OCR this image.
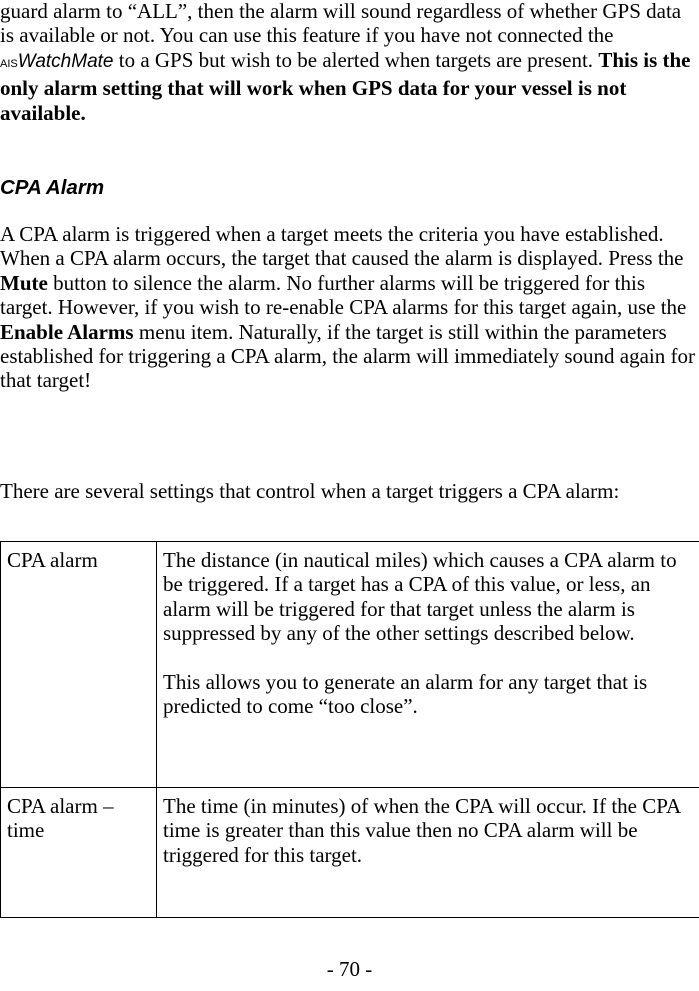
guard alarm to “ALL”, then the alarm will sound regardless of whether GPS data is available or not. You can use this feature if you have not connected the AISWatchMate to a GPS but wish to be alerted when targets are present. This is the only alarm setting that will work when GPS data for your vessel is not available.

CPA Alarm

A CPA alarm is triggered when a target meets the criteria you have established. When a CPA alarm occurs, the target that caused the alarm is displayed. Press the Mute button to silence the alarm. No further alarms will be triggered for this target. However, if you wish to re-enable CPA alarms for this target again, use the Enable Alarms menu item. Naturally, if the target is still within the parameters established for triggering a CPA alarm, the alarm will immediately sound again for that target!

There are several settings that control when a target triggers a CPA alarm:

CPA alarm	The distance (in nautical miles) which causes a CPA alarm to be triggered. If a target has a CPA of this value, or less, an alarm will be triggered for that target unless the alarm is suppressed by any of the other settings described below.

This allows you to generate an alarm for any target that is predicted to come “too close”.

CPA alarm – time	The time (in minutes) of when the CPA will occur. If the CPA time is greater than this value then no CPA alarm will be triggered for this target.

- 70 -
